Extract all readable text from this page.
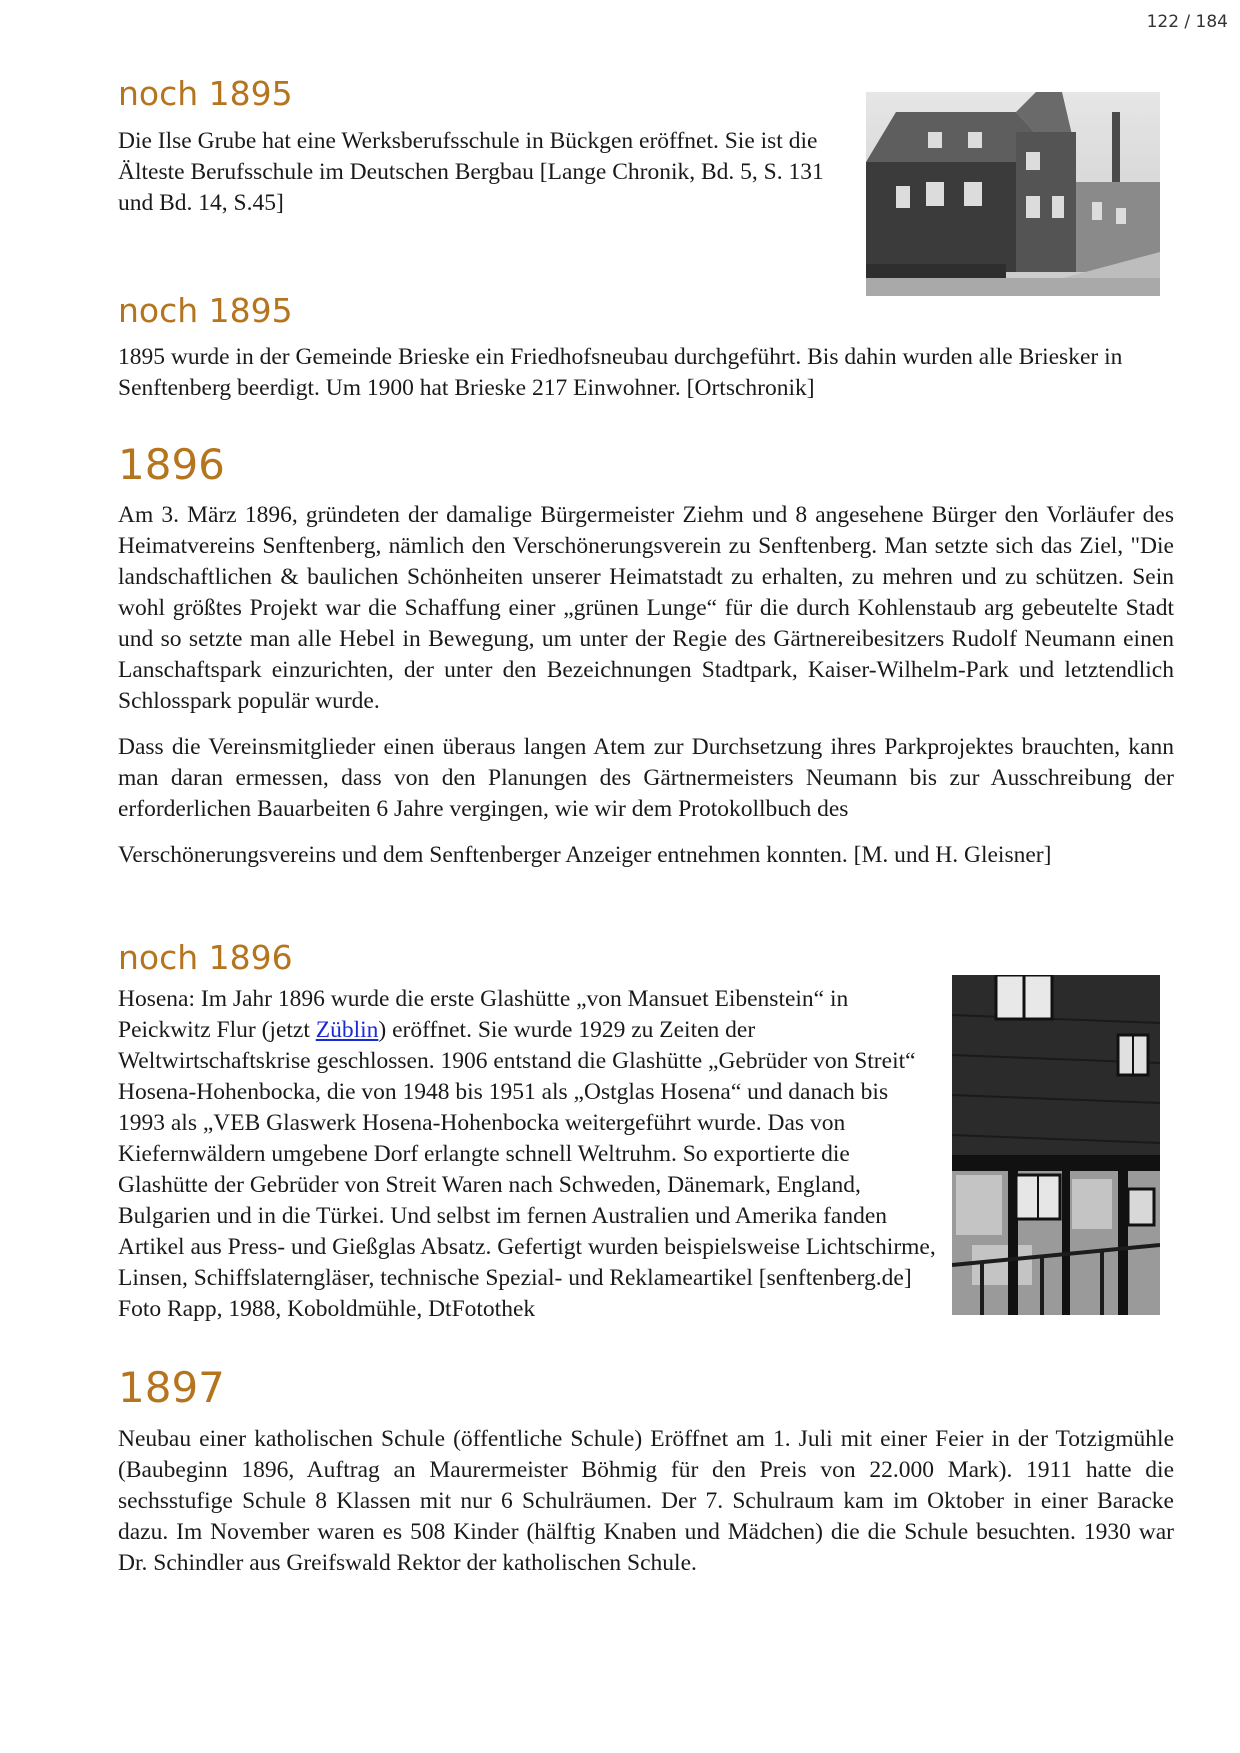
122 / 184
noch 1895

Die Ilse Grube hat eine Werksberufsschule in Bückgen eröffnet. Sie ist die Älteste Berufsschule im Deutschen Bergbau [Lange Chronik, Bd. 5, S. 131 und Bd. 14, S.45]

noch 1895

1895 wurde in der Gemeinde Brieske ein Friedhofsneubau durchgeführt. Bis dahin wurden alle Briesker in Senftenberg beerdigt. Um 1900 hat Brieske 217 Einwohner. [Ortschronik]

1896

Am 3. März 1896, gründeten der damalige Bürgermeister Ziehm und 8 angesehene Bürger den Vorläufer des Heimatvereins Senftenberg, nämlich den Verschönerungsverein zu Senftenberg. Man setzte sich das Ziel, "Die landschaftlichen & baulichen Schönheiten unserer Heimatstadt zu erhalten, zu mehren und zu schützen. Sein wohl größtes Projekt war die Schaffung einer „grünen Lunge“ für die durch Kohlenstaub arg gebeutelte Stadt und so setzte man alle Hebel in Bewegung, um unter der Regie des Gärtnereibesitzers Rudolf Neumann einen Lanschaftspark einzurichten, der unter den Bezeichnungen Stadtpark, Kaiser-Wilhelm-Park und letztendlich Schlosspark populär wurde.

Dass die Vereinsmitglieder einen überaus langen Atem zur Durchsetzung ihres Parkprojektes brauchten, kann man daran ermessen, dass von den Planungen des Gärtnermeisters Neumann bis zur Ausschreibung der erforderlichen Bauarbeiten 6 Jahre vergingen, wie wir dem Protokollbuch des

Verschönerungsvereins und dem Senftenberger Anzeiger entnehmen konnten. [M. und H. Gleisner]

noch 1896

Hosena: Im Jahr 1896 wurde die erste Glashütte „von Mansuet Eibenstein“ in Peickwitz Flur (jetzt Züblin) eröffnet. Sie wurde 1929 zu Zeiten der Weltwirtschaftskrise geschlossen. 1906 entstand die Glashütte „Gebrüder von Streit“ Hosena-Hohenbocka, die von 1948 bis 1951 als „Ostglas Hosena“ und danach bis 1993 als „VEB Glaswerk Hosena-Hohenbocka weitergeführt wurde. Das von Kiefernwäldern umgebene Dorf erlangte schnell Weltruhm. So exportierte die Glashütte der Gebrüder von Streit Waren nach Schweden, Dänemark, England, Bulgarien und in die Türkei. Und selbst im fernen Australien und Amerika fanden Artikel aus Press- und Gießglas Absatz. Gefertigt wurden beispielsweise Lichtschirme, Linsen, Schiffslaterngläser, technische Spezial- und Reklameartikel [senftenberg.de] Foto Rapp, 1988, Koboldmühle, DtFotothek

1897

Neubau einer katholischen Schule (öffentliche Schule) Eröffnet am 1. Juli mit einer Feier in der Totzigmühle (Baubeginn 1896, Auftrag an Maurermeister Böhmig für den Preis von 22.000 Mark). 1911 hatte die sechsstufige Schule 8 Klassen mit nur 6 Schulräumen. Der 7. Schulraum kam im Oktober in einer Baracke dazu. Im November waren es 508 Kinder (hälftig Knaben und Mädchen) die die Schule besuchten. 1930 war Dr. Schindler aus Greifswald Rektor der katholischen Schule.
